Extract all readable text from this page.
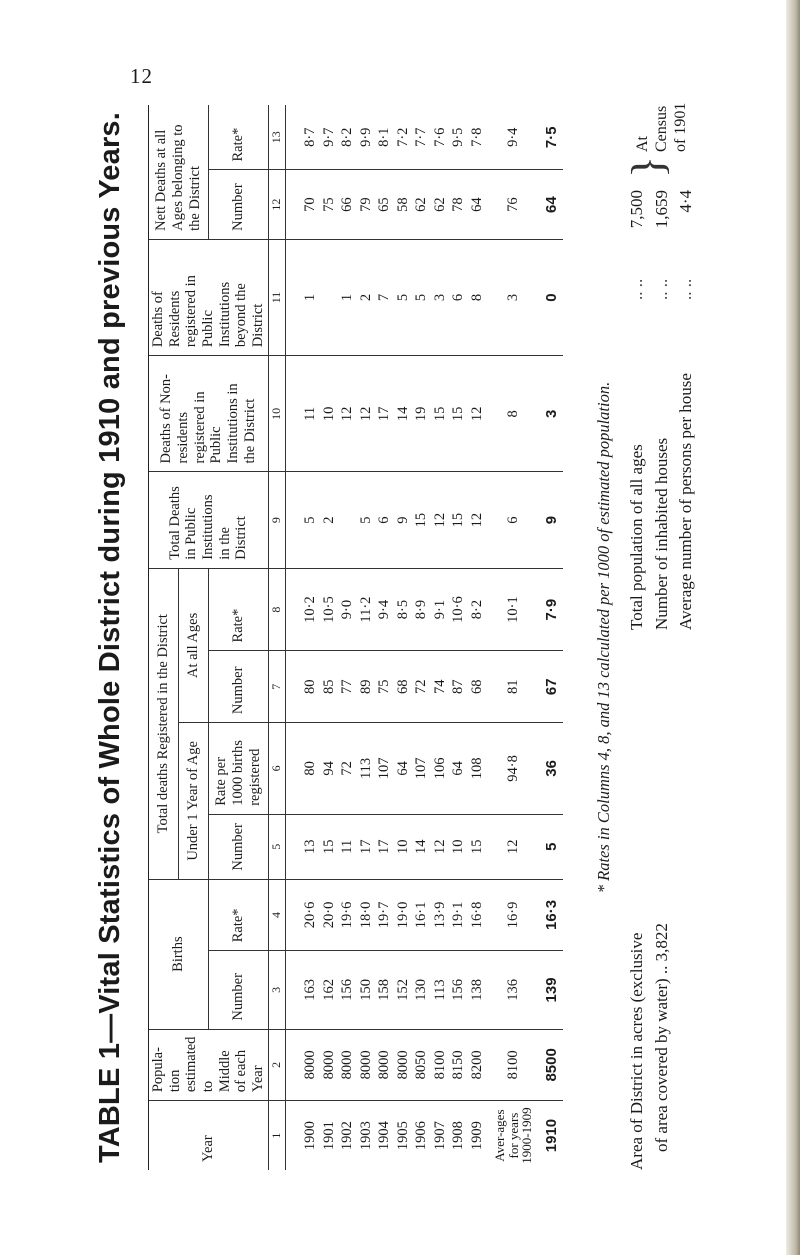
12
TABLE 1—Vital Statistics of Whole District during 1910 and previous Years.	Year	Popula-tion estimated to Middle of each Year	Births		Total deaths Registered in the District				Total Deaths in Public Institutions in the District	Deaths of Non-residents registered in Public Institutions in the District	Deaths of Residents registered in Public Institutions beyond the District	Nett Deaths at all Ages belonging to the District	
				Under 1 Year of Age		At all Ages						
		Number	Rate*	Number	Rate per 1000 births registered	Number	Rate*				Number	Rate*
1	2	3	4	5	6	7	8	9	10	11	12	13

1900	8000	163	20·6	13	80	80	10·2	5	11	1	70	8·7
1901	8000	162	20·0	15	94	85	10·5	2	10		75	9·7
1902	8000	156	19·6	11	72	77	9·0		12	1	66	8·2
1903	8000	150	18·0	17	113	89	11·2	5	12	2	79	9·9
1904	8000	158	19·7	17	107	75	9·4	6	17	7	65	8·1
1905	8000	152	19·0	10	64	68	8·5	9	14	5	58	7·2
1906	8050	130	16·1	14	107	72	8·9	15	19	5	62	7·7
1907	8100	113	13·9	12	106	74	9·1	12	15	3	62	7·6
1908	8150	156	19·1	10	64	87	10·6	15	15	6	78	9·5
1909	8200	138	16·8	15	108	68	8·2	12	12	8	64	7·8
Aver-ages for years 1900-1909	8100	136	16·9	12	94·8	81	10·1	6	8	3	76	9·4
1910	8500	139	16·3	5	36	67	7·9	9	3	0	64	7·5
* Rates in Columns 4, 8, and 13 calculated per 1000 of estimated population.
Area of District in acres (exclusive of area covered by water) .. 3,822
Total population of all ages
.. ..
7,500
Number of inhabited houses
.. ..
1,659
Average number of persons per house
.. ..
4·4
}
At Census of 1901
